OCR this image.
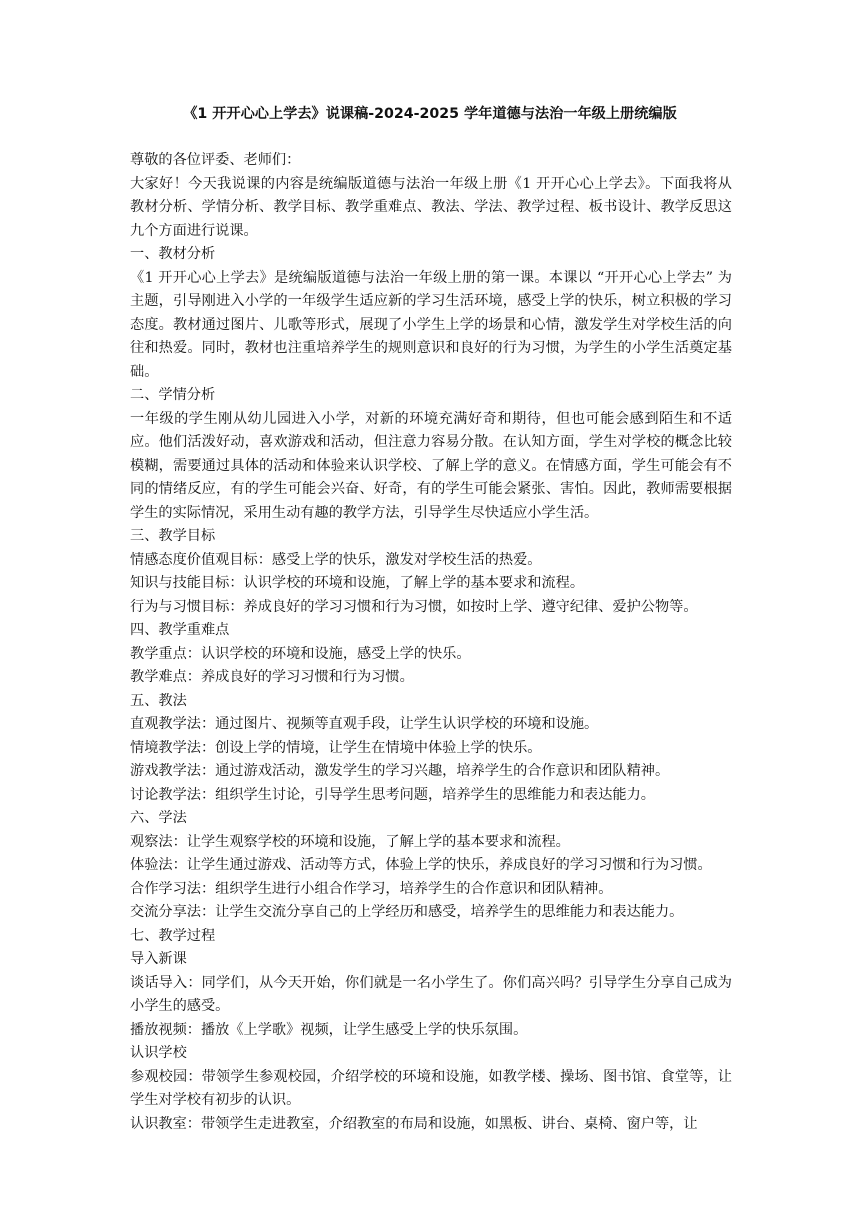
《1 开开心心上学去》说课稿-2024-2025 学年道德与法治一年级上册统编版
尊敬的各位评委、老师们：
大家好！今天我说课的内容是统编版道德与法治一年级上册《1 开开心心上学去》。下面我将从教材分析、学情分析、教学目标、教学重难点、教法、学法、教学过程、板书设计、教学反思这九个方面进行说课。
一、教材分析
《1 开开心心上学去》是统编版道德与法治一年级上册的第一课。本课以 “开开心心上学去” 为主题，引导刚进入小学的一年级学生适应新的学习生活环境，感受上学的快乐，树立积极的学习态度。教材通过图片、儿歌等形式，展现了小学生上学的场景和心情，激发学生对学校生活的向往和热爱。同时，教材也注重培养学生的规则意识和良好的行为习惯，为学生的小学生活奠定基础。
二、学情分析
一年级的学生刚从幼儿园进入小学，对新的环境充满好奇和期待，但也可能会感到陌生和不适应。他们活泼好动，喜欢游戏和活动，但注意力容易分散。在认知方面，学生对学校的概念比较模糊，需要通过具体的活动和体验来认识学校、了解上学的意义。在情感方面，学生可能会有不同的情绪反应，有的学生可能会兴奋、好奇，有的学生可能会紧张、害怕。因此，教师需要根据学生的实际情况，采用生动有趣的教学方法，引导学生尽快适应小学生活。
三、教学目标
情感态度价值观目标：感受上学的快乐，激发对学校生活的热爱。
知识与技能目标：认识学校的环境和设施，了解上学的基本要求和流程。
行为与习惯目标：养成良好的学习习惯和行为习惯，如按时上学、遵守纪律、爱护公物等。
四、教学重难点
教学重点：认识学校的环境和设施，感受上学的快乐。
教学难点：养成良好的学习习惯和行为习惯。
五、教法
直观教学法：通过图片、视频等直观手段，让学生认识学校的环境和设施。
情境教学法：创设上学的情境，让学生在情境中体验上学的快乐。
游戏教学法：通过游戏活动，激发学生的学习兴趣，培养学生的合作意识和团队精神。
讨论教学法：组织学生讨论，引导学生思考问题，培养学生的思维能力和表达能力。
六、学法
观察法：让学生观察学校的环境和设施，了解上学的基本要求和流程。
体验法：让学生通过游戏、活动等方式，体验上学的快乐，养成良好的学习习惯和行为习惯。
合作学习法：组织学生进行小组合作学习，培养学生的合作意识和团队精神。
交流分享法：让学生交流分享自己的上学经历和感受，培养学生的思维能力和表达能力。
七、教学过程
导入新课
谈话导入：同学们，从今天开始，你们就是一名小学生了。你们高兴吗？引导学生分享自己成为小学生的感受。
播放视频：播放《上学歌》视频，让学生感受上学的快乐氛围。
认识学校
参观校园：带领学生参观校园，介绍学校的环境和设施，如教学楼、操场、图书馆、食堂等，让学生对学校有初步的认识。
认识教室：带领学生走进教室，介绍教室的布局和设施，如黑板、讲台、桌椅、窗户等，让
